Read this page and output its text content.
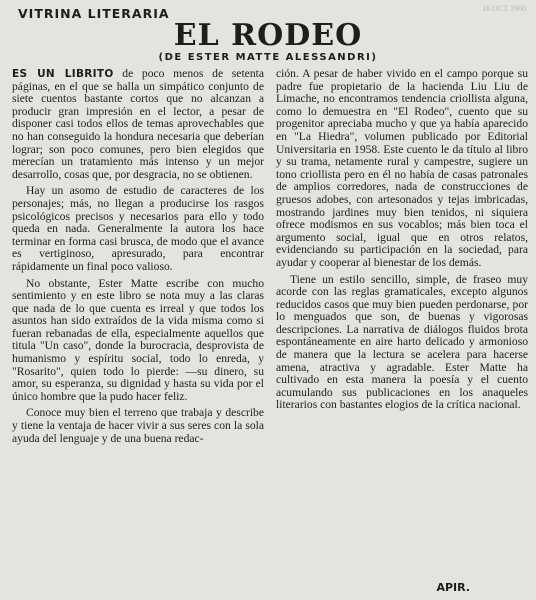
VITRINA LITERARIA	16 OCT 1960
EL RODEO
(DE ESTER MATTE ALESSANDRI)

ES UN LIBRITO de poco menos de setenta páginas, en el que se halla un simpático conjunto de siete cuentos bastante cortos que no alcanzan a producir gran impresión en el lector, a pesar de disponer casi todos ellos de temas aprovechables que no han conseguido la hondura necesaria que deberían lograr; son poco comunes, pero bien elegidos que merecían un tratamiento más intenso y un mejor desarrollo, cosas que, por desgracia, no se obtienen.

Hay un asomo de estudio de caracteres de los personajes; más, no llegan a producirse los rasgos psicológicos precisos y necesarios para ello y todo queda en nada. Generalmente la autora los hace terminar en forma casi brusca, de modo que el avance es vertiginoso, apresurado, para encontrar rápidamente un final poco valioso.

No obstante, Ester Matte escribe con mucho sentimiento y en este libro se nota muy a las claras que nada de lo que cuenta es irreal y que todos los asuntos han sido extraídos de la vida misma como si fueran rebanadas de ella, especialmente aquellos que titula "Un caso", donde la burocracia, desprovista de humanismo y espíritu social, todo lo enreda, y "Rosarito", quien todo lo pierde: —su dinero, su amor, su esperanza, su dignidad y hasta su vida por el único hombre que la pudo hacer feliz.

Conoce muy bien el terreno que trabaja y describe y tiene la ventaja de hacer vivir a sus seres con la sola ayuda del lenguaje y de una buena redac-

ción. A pesar de haber vivido en el campo porque su padre fue propietario de la hacienda Liu Liu de Limache, no encontramos tendencia criollista alguna, como lo demuestra en "El Rodeo", cuento que su progenitor apreciaba mucho y que ya había aparecido en "La Hiedra", volumen publicado por Editorial Universitaria en 1958. Este cuento le da título al libro y su trama, netamente rural y campestre, sugiere un tono criollista pero en él no había de casas patronales de amplios corredores, nada de construcciones de gruesos adobes, con artesonados y tejas imbricadas, mostrando jardines muy bien tenidos, ni siquiera ofrece modismos en sus vocablos; más bien toca el argumento social, igual que en otros relatos, evidenciando su participación en la sociedad, para ayudar y cooperar al bienestar de los demás.

Tiene un estilo sencillo, simple, de fraseo muy acorde con las reglas gramaticales, excepto algunos reducidos casos que muy bien pueden perdonarse, por lo menguados que son, de buenas y vigorosas descripciones. La narrativa de diálogos fluidos brota espontáneamente en aire harto delicado y armonioso de manera que la lectura se acelera para hacerse amena, atractiva y agradable. Ester Matte ha cultivado en esta manera la poesía y el cuento acumulando sus publicaciones en los anaqueles literarios con bastantes elogios de la crítica nacional.

APIR.
